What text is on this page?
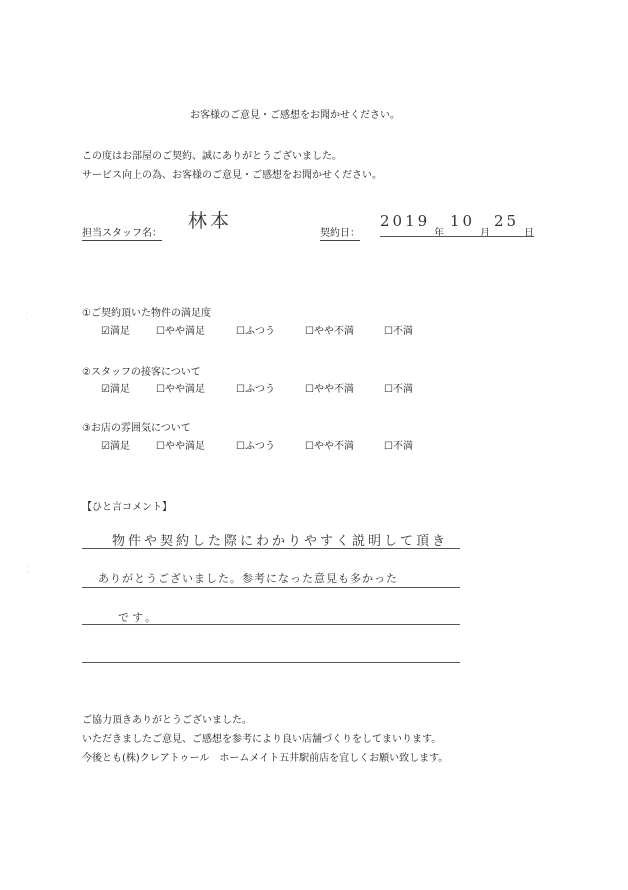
お客様のご意見・ご感想をお聞かせください。
この度はお部屋のご契約、誠にありがとうございました。
サービス向上の為、お客様のご意見・ご感想をお聞かせください。
担当スタッフ名：
林本
契約日：
2019
年
10
月
25
日
①ご契約頂いた物件の満足度
☑満足	☐やや満足	☐ふつう	☐やや不満	☐不満
②スタッフの接客について
☑満足	☐やや満足	☐ふつう	☐やや不満	☐不満
③お店の雰囲気について
☑満足	☐やや満足	☐ふつう	☐やや不満	☐不満
【ひと言コメント】
物件や契約した際にわかりやすく説明して頂き
ありがとうございました。参考になった意見も多かった
です。
ご協力頂きありがとうございました。
いただきましたご意見、ご感想を参考により良い店舗づくりをしてまいります。
今後とも(株)クレアトゥール　ホームメイト五井駅前店を宜しくお願い致します。
⁚
⁚
